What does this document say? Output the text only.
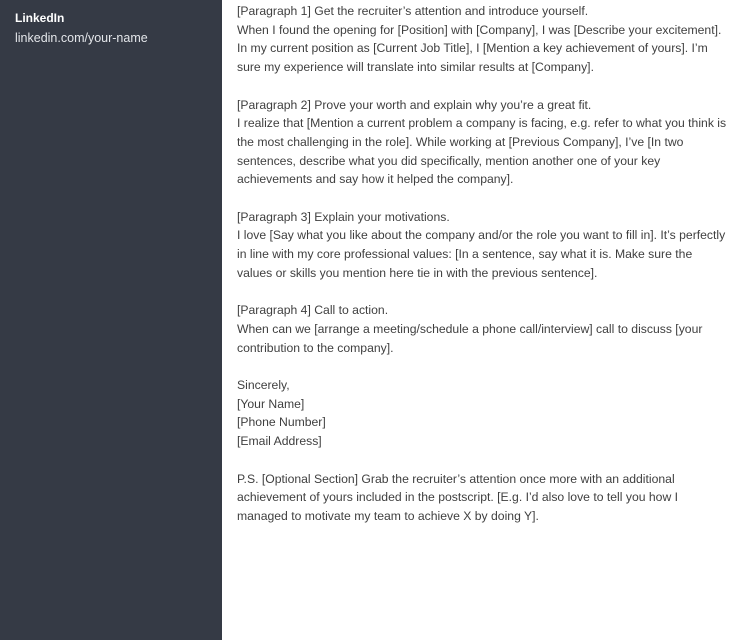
LinkedIn
linkedin.com/your-name
[Paragraph 1] Get the recruiter’s attention and introduce yourself.
When I found the opening for [Position] with [Company], I was [Describe your excitement]. In my current position as [Current Job Title], I [Mention a key achievement of yours]. I’m sure my experience will translate into similar results at [Company].
[Paragraph 2] Prove your worth and explain why you’re a great fit.
I realize that [Mention a current problem a company is facing, e.g. refer to what you think is the most challenging in the role]. While working at [Previous Company], I’ve [In two sentences, describe what you did specifically, mention another one of your key achievements and say how it helped the company].
[Paragraph 3] Explain your motivations.
I love [Say what you like about the company and/or the role you want to fill in]. It’s perfectly in line with my core professional values: [In a sentence, say what it is. Make sure the values or skills you mention here tie in with the previous sentence].
[Paragraph 4] Call to action.
When can we [arrange a meeting/schedule a phone call/interview] call to discuss [your contribution to the company].
Sincerely,
[Your Name]
[Phone Number]
[Email Address]
P.S. [Optional Section] Grab the recruiter’s attention once more with an additional achievement of yours included in the postscript. [E.g. I’d also love to tell you how I managed to motivate my team to achieve X by doing Y].
